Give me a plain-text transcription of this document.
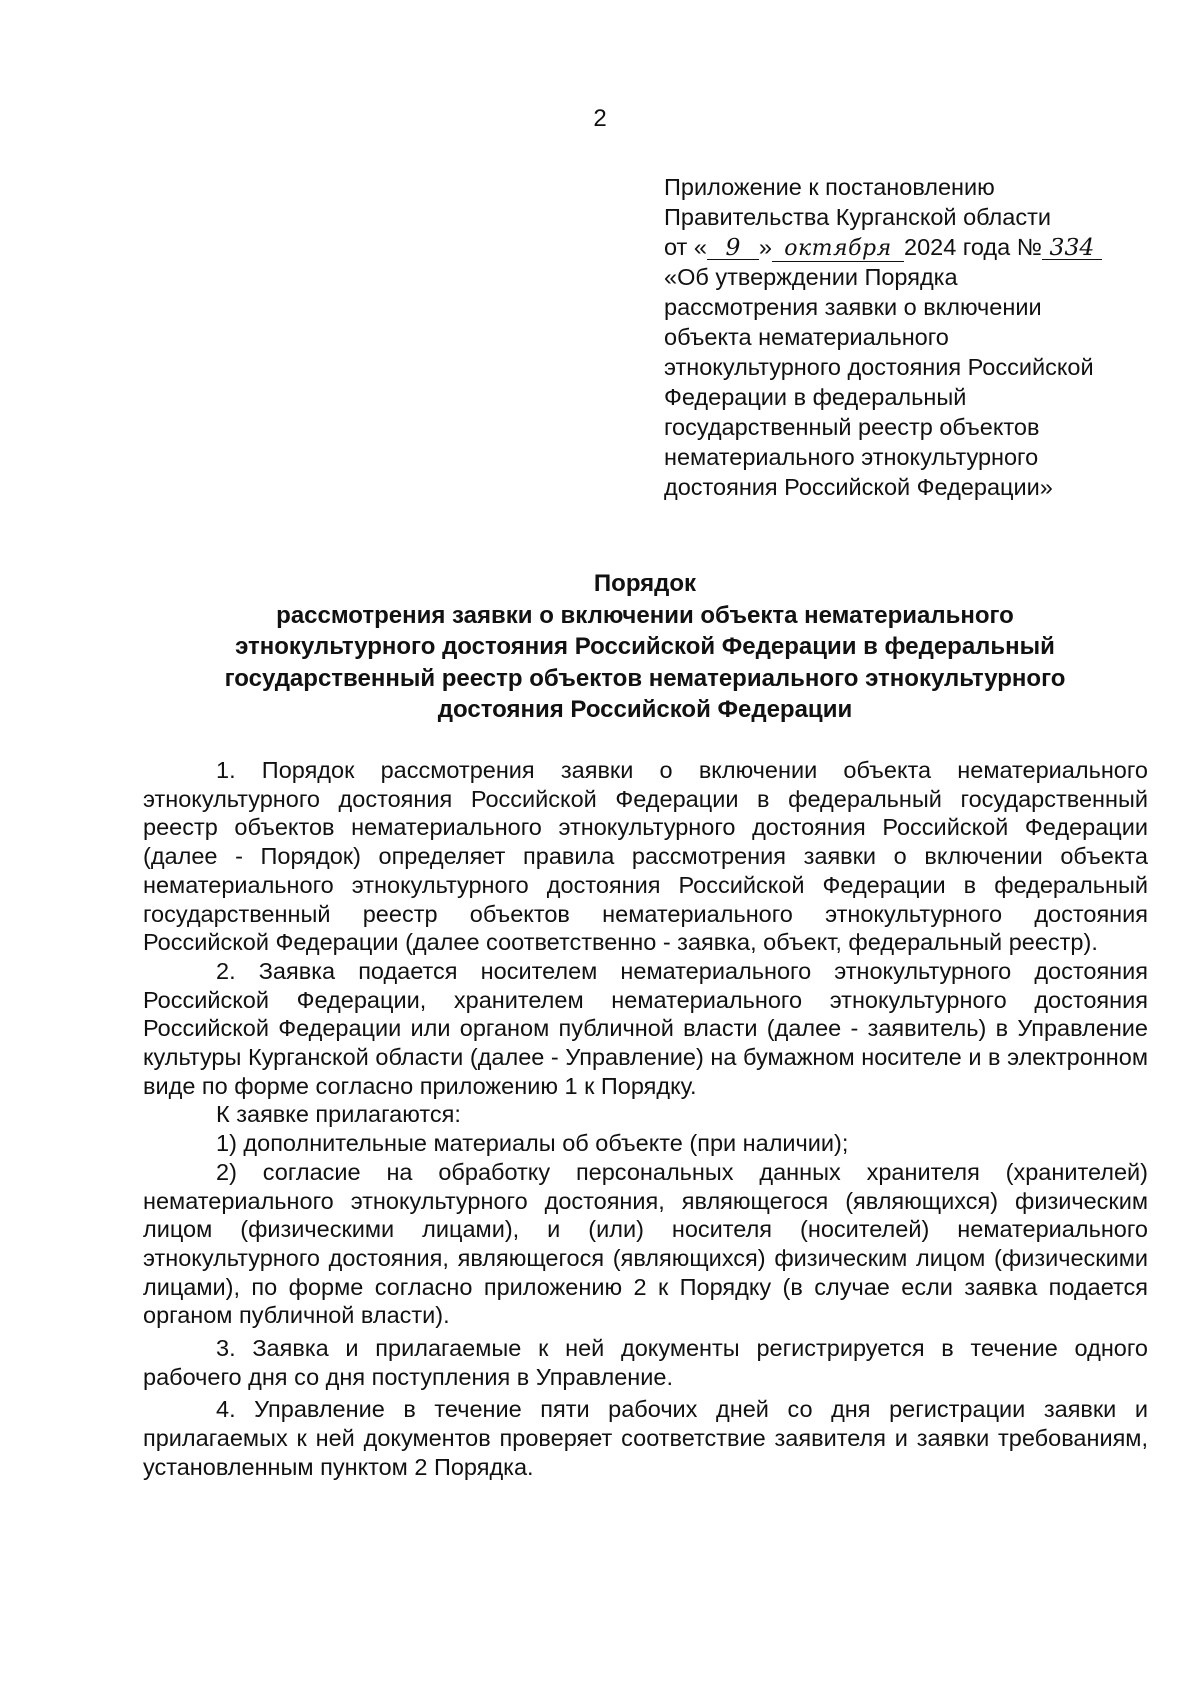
2
Приложение к постановлению
Правительства Курганской области
от « 9 » октября 2024 года № 334
«Об утверждении Порядка
рассмотрения заявки о включении
объекта нематериального
этнокультурного достояния Российской
Федерации в федеральный
государственный реестр объектов
нематериального этнокультурного
достояния Российской Федерации»
Порядок
рассмотрения заявки о включении объекта нематериального
этнокультурного достояния Российской Федерации в федеральный
государственный реестр объектов нематериального этнокультурного
достояния Российской Федерации

1. Порядок рассмотрения заявки о включении объекта нематериального этнокультурного достояния Российской Федерации в федеральный государственный реестр объектов нематериального этнокультурного достояния Российской Федерации (далее - Порядок) определяет правила рассмотрения заявки о включении объекта нематериального этнокультурного достояния Российской Федерации в федеральный государственный реестр объектов нематериального этнокультурного достояния Российской Федерации (далее соответственно - заявка, объект, федеральный реестр).

2. Заявка подается носителем нематериального этнокультурного достояния Российской Федерации, хранителем нематериального этнокультурного достояния Российской Федерации или органом публичной власти (далее - заявитель) в Управление культуры Курганской области (далее - Управление) на бумажном носителе и в электронном виде по форме согласно приложению 1 к Порядку.

К заявке прилагаются:

1) дополнительные материалы об объекте (при наличии);

2) согласие на обработку персональных данных хранителя (хранителей) нематериального этнокультурного достояния, являющегося (являющихся) физическим лицом (физическими лицами), и (или) носителя (носителей) нематериального этнокультурного достояния, являющегося (являющихся) физическим лицом (физическими лицами), по форме согласно приложению 2 к Порядку (в случае если заявка подается органом публичной власти).

3. Заявка и прилагаемые к ней документы регистрируется в течение одного рабочего дня со дня поступления в Управление.

4. Управление в течение пяти рабочих дней со дня регистрации заявки и прилагаемых к ней документов проверяет соответствие заявителя и заявки требованиям, установленным пунктом 2 Порядка.
